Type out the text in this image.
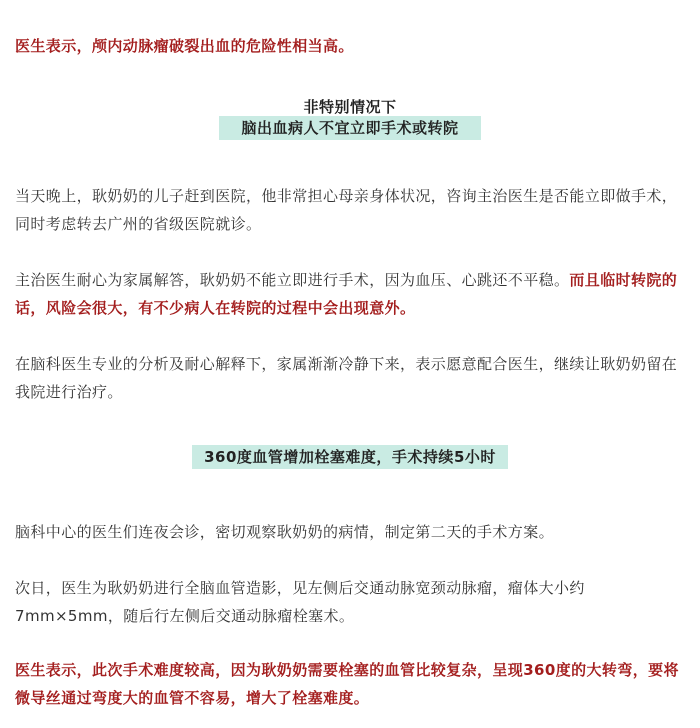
医生表示，颅内动脉瘤破裂出血的危险性相当高。

非特别情况下
脑出血病人不宜立即手术或转院

当天晚上，耿奶奶的儿子赶到医院，他非常担心母亲身体状况，咨询主治医生是否能立即做手术，同时考虑转去广州的省级医院就诊。

主治医生耐心为家属解答，耿奶奶不能立即进行手术，因为血压、心跳还不平稳。而且临时转院的话，风险会很大，有不少病人在转院的过程中会出现意外。

在脑科医生专业的分析及耐心解释下，家属渐渐冷静下来，表示愿意配合医生，继续让耿奶奶留在我院进行治疗。

360度血管增加栓塞难度，手术持续5小时

脑科中心的医生们连夜会诊，密切观察耿奶奶的病情，制定第二天的手术方案。

次日，医生为耿奶奶进行全脑血管造影，见左侧后交通动脉宽颈动脉瘤，瘤体大小约7mm×5mm，随后行左侧后交通动脉瘤栓塞术。

医生表示，此次手术难度较高，因为耿奶奶需要栓塞的血管比较复杂，呈现360度的大转弯，要将微导丝通过弯度大的血管不容易，增大了栓塞难度。
